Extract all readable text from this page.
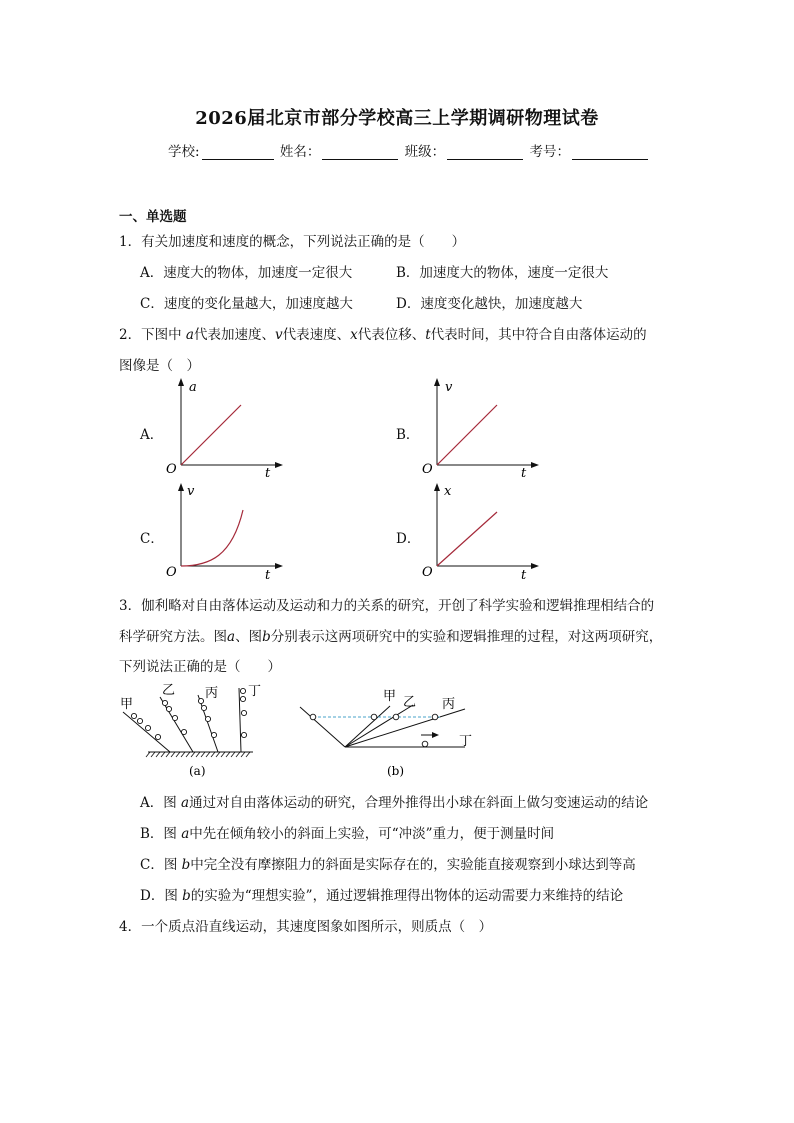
2026届北京市部分学校高三上学期调研物理试卷
学校:	姓名：	班级：	考号：
一、单选题
1．有关加速度和速度的概念，下列说法正确的是（　　）
A．速度大的物体，加速度一定很大	B．加速度大的物体，速度一定很大
C．速度的变化量越大，加速度越大	D．速度变化越快，加速度越大
2．下图中 a代表加速度、v代表速度、x代表位移、t代表时间，其中符合自由落体运动的
图像是（　）
A．
a
O	t
B．
v
O	t
C．
v
O	t
D．
x
O	t
3．伽利略对自由落体运动及运动和力的关系的研究，开创了科学实验和逻辑推理相结合的
科学研究方法。图a、图b分别表示这两项研究中的实验和逻辑推理的过程，对这两项研究，
下列说法正确的是（　　）
甲
乙 丙 丁
(a)
甲 乙 丙
丁
(b)
A．图 a通过对自由落体运动的研究，合理外推得出小球在斜面上做匀变速运动的结论
B．图 a中先在倾角较小的斜面上实验，可“冲淡”重力，便于测量时间
C．图 b中完全没有摩擦阻力的斜面是实际存在的，实验能直接观察到小球达到等高
D．图 b的实验为“理想实验”，通过逻辑推理得出物体的运动需要力来维持的结论
4．一个质点沿直线运动，其速度图象如图所示，则质点（　）
